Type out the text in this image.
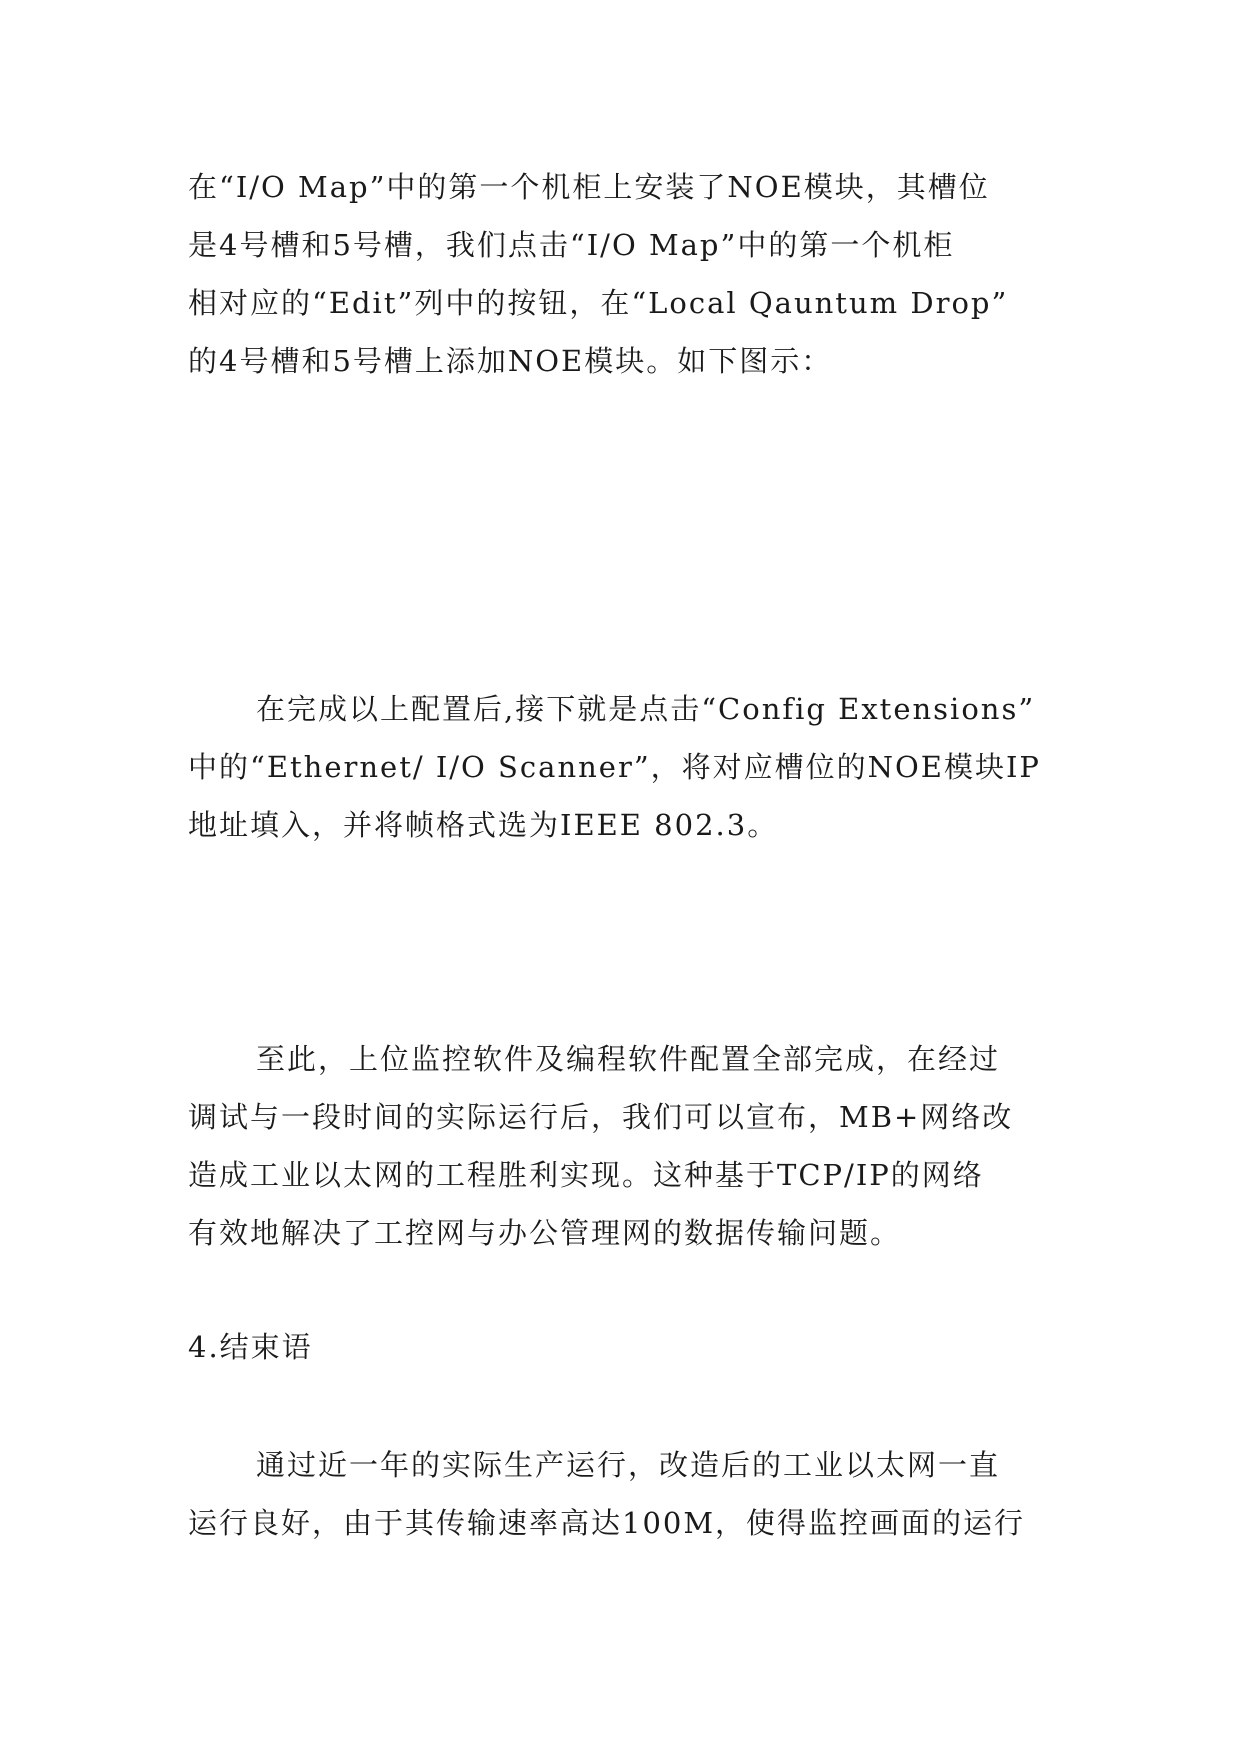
在“I/O Map”中的第一个机柜上安装了NOE模块，其槽位
是4号槽和5号槽，我们点击“I/O Map”中的第一个机柜
相对应的“Edit”列中的按钮，在“Local Qauntum Drop”
的4号槽和5号槽上添加NOE模块。如下图示：

在完成以上配置后,接下就是点击“Config Extensions”
中的“Ethernet/ I/O Scanner”，将对应槽位的NOE模块IP
地址填入，并将帧格式选为IEEE 802.3。

至此，上位监控软件及编程软件配置全部完成，在经过
调试与一段时间的实际运行后，我们可以宣布，MB+网络改
造成工业以太网的工程胜利实现。这种基于TCP/IP的网络
有效地解决了工控网与办公管理网的数据传输问题。

4.结束语

通过近一年的实际生产运行，改造后的工业以太网一直
运行良好，由于其传输速率高达100M，使得监控画面的运行
